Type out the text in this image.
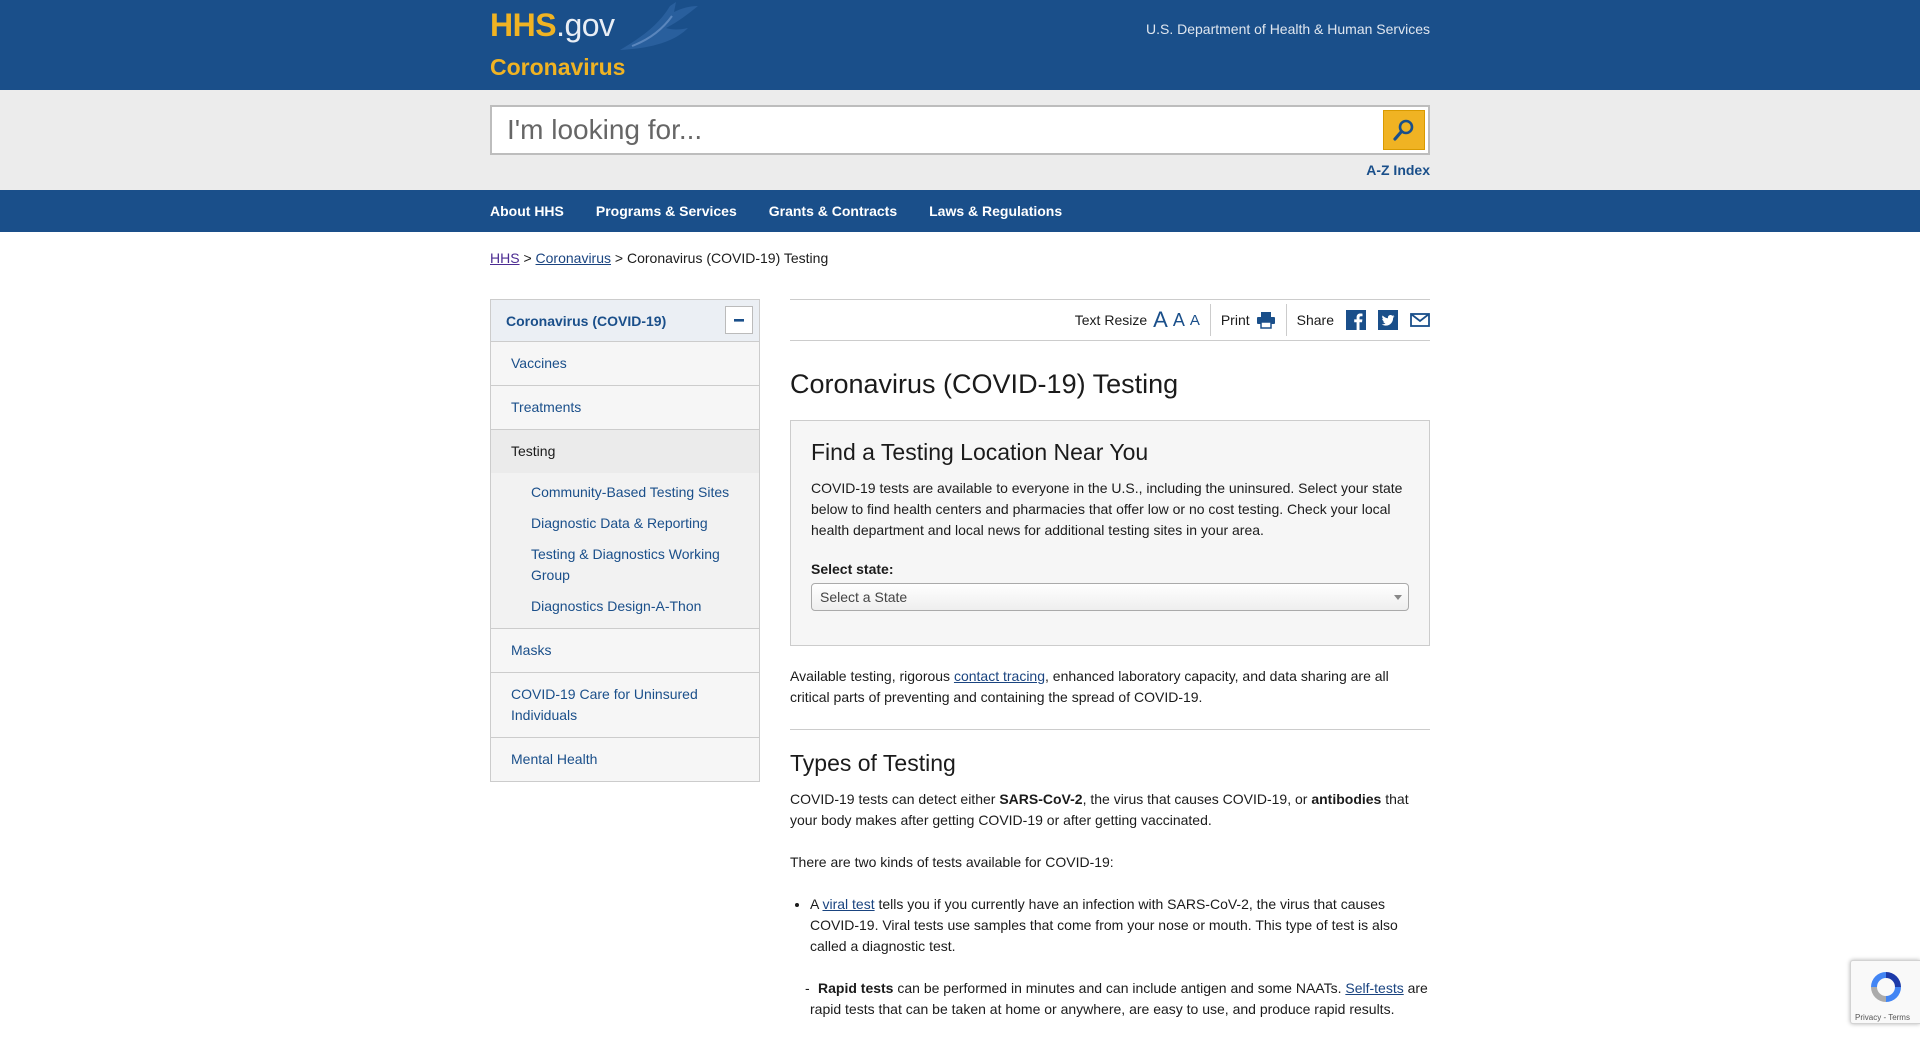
HHS.gov
Coronavirus
U.S. Department of Health & Human Services
I'm looking for...
A-Z Index
About HHS Programs & Services Grants & Contracts Laws & Regulations
HHS > Coronavirus > Coronavirus (COVID-19) Testing
Coronavirus (COVID-19)
Vaccines
Treatments
Testing
Community-Based Testing Sites
Diagnostic Data & Reporting
Testing & Diagnostics Working Group
Diagnostics Design-A-Thon
Masks
COVID-19 Care for Uninsured Individuals
Mental Health
Text Resize A A A Print	Share
Coronavirus (COVID-19) Testing
Find a Testing Location Near You

COVID-19 tests are available to everyone in the U.S., including the uninsured. Select your state below to find health centers and pharmacies that offer low or no cost testing. Check your local health department and local news for additional testing sites in your area.

Select state:
Select a State

Available testing, rigorous contact tracing, enhanced laboratory capacity, and data sharing are all critical parts of preventing and containing the spread of COVID-19.

Types of Testing

COVID-19 tests can detect either SARS-CoV-2, the virus that causes COVID-19, or antibodies that your body makes after getting COVID-19 or after getting vaccinated.

There are two kinds of tests available for COVID-19:

• A viral test tells you if you currently have an infection with SARS-CoV-2, the virus that causes COVID-19. Viral tests use samples that come from your nose or mouth. This type of test is also called a diagnostic test.
- Rapid tests can be performed in minutes and can include antigen and some NAATs. Self-tests are rapid tests that can be taken at home or anywhere, are easy to use, and produce rapid results.
Privacy - Terms
